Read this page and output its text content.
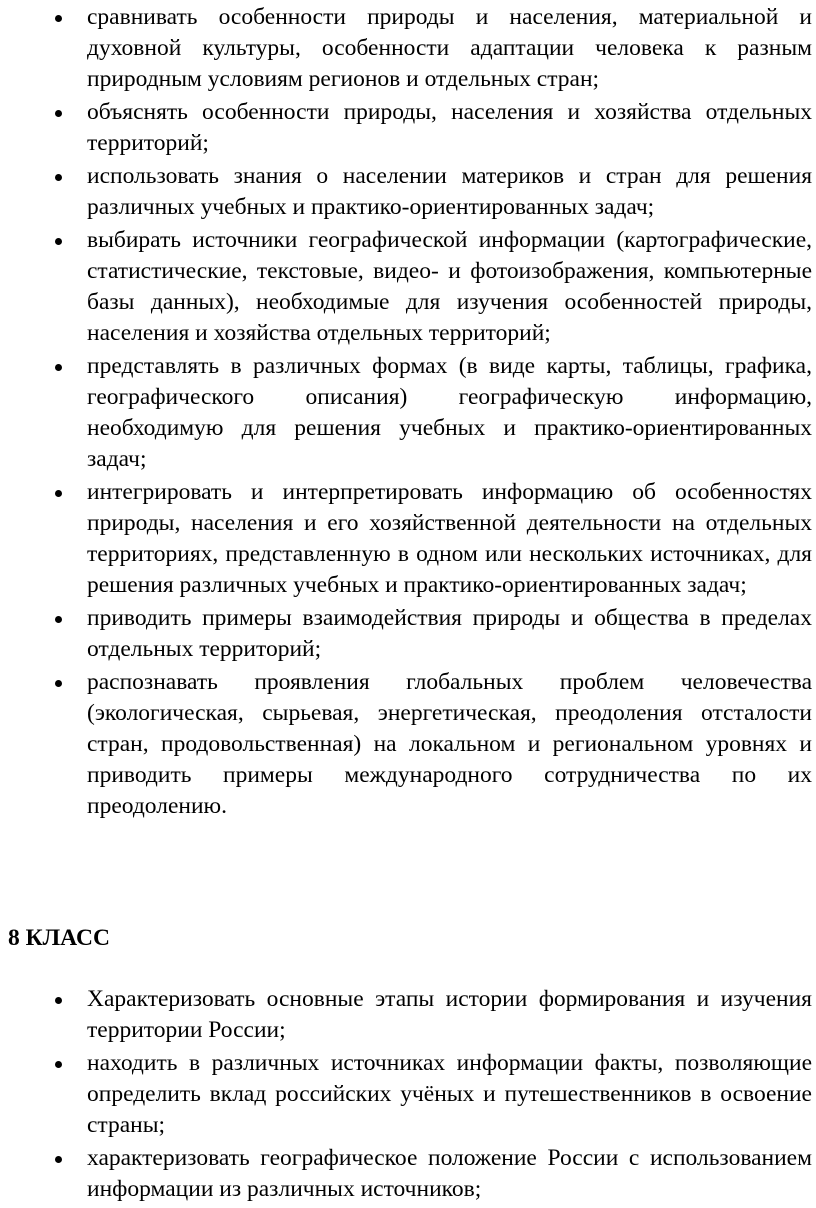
сравнивать особенности природы и населения, материальной и духовной культуры, особенности адаптации человека к разным природным условиям регионов и отдельных стран;
объяснять особенности природы, населения и хозяйства отдельных территорий;
использовать знания о населении материков и стран для решения различных учебных и практико-ориентированных задач;
выбирать источники географической информации (картографические, статистические, текстовые, видео- и фотоизображения, компьютерные базы данных), необходимые для изучения особенностей природы, населения и хозяйства отдельных территорий;
представлять в различных формах (в виде карты, таблицы, графика, географического описания) географическую информацию, необходимую для решения учебных и практико-ориентированных задач;
интегрировать и интерпретировать информацию об особенностях природы, населения и его хозяйственной деятельности на отдельных территориях, представленную в одном или нескольких источниках, для решения различных учебных и практико-ориентированных задач;
приводить примеры взаимодействия природы и общества в пределах отдельных территорий;
распознавать проявления глобальных проблем человечества (экологическая, сырьевая, энергетическая, преодоления отсталости стран, продовольственная) на локальном и региональном уровнях и приводить примеры международного сотрудничества по их преодолению.
8 КЛАСС
Характеризовать основные этапы истории формирования и изучения территории России;
находить в различных источниках информации факты, позволяющие определить вклад российских учёных и путешественников в освоение страны;
характеризовать географическое положение России с использованием информации из различных источников;
